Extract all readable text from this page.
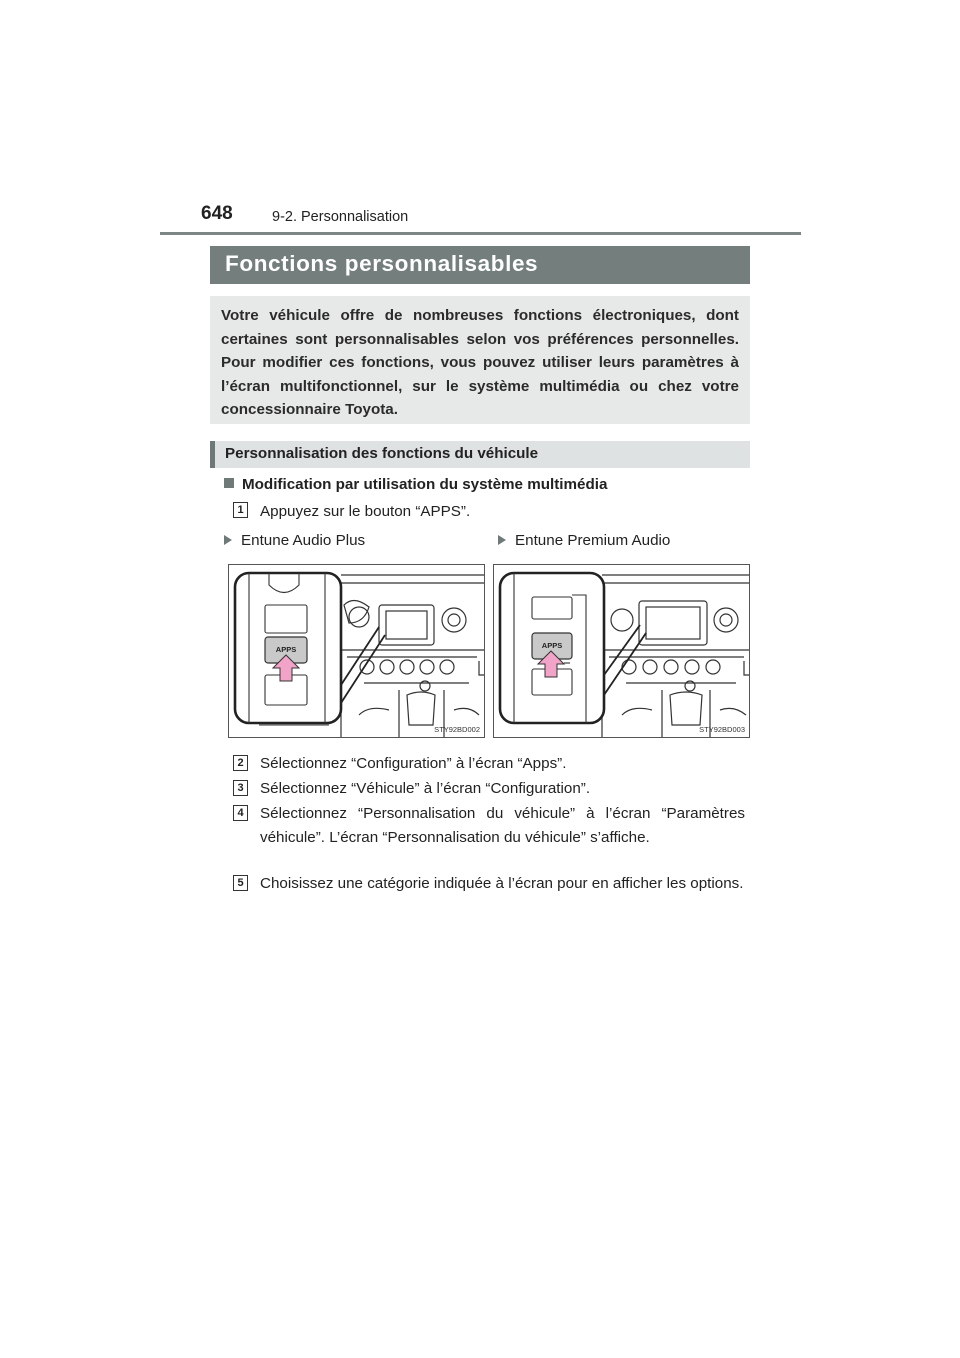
648	9-2. Personnalisation
Fonctions personnalisables
Votre véhicule offre de nombreuses fonctions électroniques, dont certaines sont personnalisables selon vos préférences personnelles. Pour modifier ces fonctions, vous pouvez utiliser leurs paramètres à l’écran multifonctionnel, sur le système multimédia ou chez votre concessionnaire Toyota.
Personnalisation des fonctions du véhicule
Modification par utilisation du système multimédia
1 Appuyez sur le bouton “APPS”.
Entune Audio Plus	Entune Premium Audio
APPS
STY92BD002
APPS
STY92BD003
2 Sélectionnez “Configuration” à l’écran “Apps”.
3 Sélectionnez “Véhicule” à l’écran “Configuration”.
4 Sélectionnez “Personnalisation du véhicule” à l’écran “Paramètres véhicule”. L’écran “Personnalisation du véhicule” s’affiche.
5 Choisissez une catégorie indiquée à l’écran pour en afficher les options.
